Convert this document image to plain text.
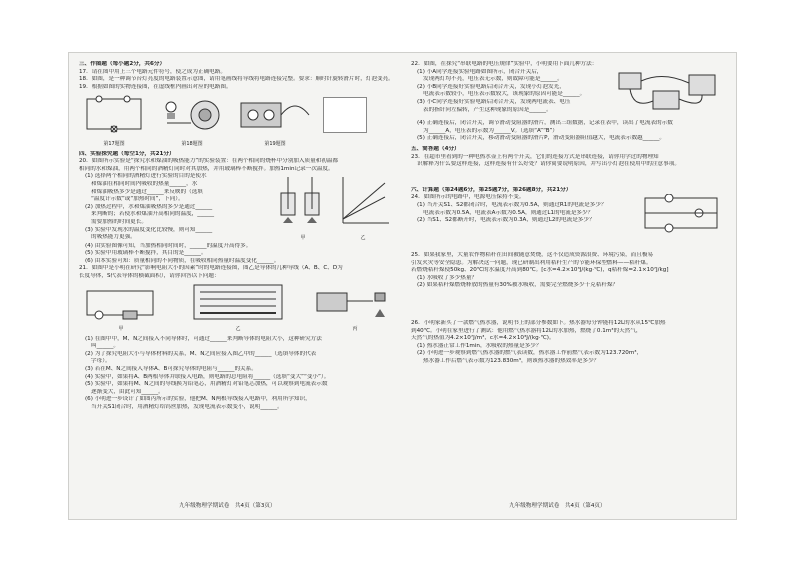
三、作图题（每小题2分，共6分）
17．请在图中用上三个电路元件符号，使之成为正确电路。
18．如图，是一种调节台灯亮度的电路装置示意图，请用笔画线将导线将电路连接完整。要求：顺时针旋转滑片时，灯泡变亮。
19．根据如图的实物连接图，在虚线框内画出对应的电路图。
第17题图	第18题图	第19题图
四、实验探究题（每空1分，共21分）
20．如图所示实验是“探究水和煤油的吸热能力”的实验装置：在两个相同的烧杯中分别加入质量和初温都
相同的水和煤油，用两个相同的酒精灯同时对其加热，并用玻璃棒不断搅拌。加热1min记录一次温度。
(1) 选择两个相同的酒精灯进行实验的目的是使水
和煤油在相同时间内吸收的热量______，水
和煤油吸热多少是通过______来反映的（选填
“温度计示数”或“加热时间”，下同）。
(2) 加热过程中，水和煤油吸热的多少是通过______
来判断的；若使水和煤油升高相同的温度，______
需要加热的时间更长。
(3) 实验中发现水的温度变化比较慢，则可知______
的吸热能力更强。	甲	乙
(4) 由实验图像可知，当加热相同时间时，______的温度升高得多。
(5) 实验中用玻璃棒不断搅拌，其目的是______。
(6) 由本实验可知：质量相同的不同物质，在吸收相同热量时温度变化______。
21．如图甲是小明在研究“影响电阻大小的因素”时的电路连接图，图乙是导体的几种导线（A、B、C、D为
长度导体，S代表导体的横截面积），请你回答以下问题：
甲	乙	丙
(1) 在图甲中，M、N之间接入不同导体时，可通过______来判断导体的电阻大小，这种研究方法
叫______。
(2) 为了探究电阻大小与导体材料的关系，M、N之间应接入图乙中的______（选填导体的代表
字母）。
(3) 若在M、N之间接入导体A、B可探究导体的电阻与______的关系。
(4) 实验中，如果将A、B两根导体并联接入电路，则电路的总电阻将______（选填“变大”“变小”）。
(5) 实验中，如果将M、N之间的导线换为铅笔芯，用酒精灯对铅笔芯加热，可以观察到电流表示数
逐渐变大，由此可知______。
(6) 小明进一步设计了如图丙所示的实验，他把M、N两根导线接入电路中，利用所学知识，
当开关S1闭合时，用酒精灯给钨丝加热，发现电流表示数变小，说明______。
九年级物理学期试卷　共4页（第3页）
22．如图，在探究“串联电路的电压规律”实验中，小明要用下面几种方法：
(1) 小A同学连接实验电路如图所示，闭合开关后，
发现两灯均不亮，电压表无示数，则故障可能是______。
(2) 小B同学连接好实验电路后闭合开关，发现小灯泡发光，
电流表示数较小，电压表示数较大，该现象的原因可能是______。
(3) 小C同学连接好实验电路后闭合开关，发现两电流表、电压
表的指针向左偏转，产生这种现象的原因是______。
(4) 正确连接后，闭合开关，调节滑动变阻器的滑片，测出三组数据，记录在表中，读出了电流表的示数
为______A，电压表的示数为______V。（选填“A”“B”）
(5) 正确连接后，闭合开关，移动滑动变阻器的滑片P，滑动变阻器阻值越大，电流表示数越______。
五、简答题（4分）
23．在超市里看到的一种电热水壶上有两个开关，它们的连接方式是串联连接，请你用学过的物理知
识解释为什么要这样连接，这样连接有什么好处？请你简要说明原因，并写出小灯泡在使用中的注意事项。
六、计算题（第24题6分，第25题7分，第26题8分，共21分）
24．如图所示的电路中，电源电压保持不变。
(1) 当开关S1、S2都闭合时，电流表示数为0.5A，则通过R1的电流是多少？
电流表示数为0.5A，电流表A示数为0.5A，则通过L1的电流是多少？
(2) 当S1、S2都断开时，电流表示数为0.3A，则通过L2的电流是多少？
25．如果我家里，大量农作物秸秆在田间被随意焚烧，这不仅造成资源浪费、环境污染，而且极易
引发火灾等安全隐患。为解决这一问题，现已研制出利用秸秆生产的节能环保型燃料——秸秆煤。
若燃烧秸秆煤使50kg、20℃的水温度升高到80℃。[c水=4.2×10³J/(kg·℃)，q秸秆煤=2.1×10⁷J/kg]
(1) 水吸收了多少热量？
(2) 如果秸秆煤燃烧释放的热量有30%被水吸收，需要完全燃烧多少千克秸秆煤？
26．小明家新买了一款燃气热水器，说明书上的部分参数如下。热水器每分钟能将12L的水从15℃加热
到40℃。小明在家里进行了测试：他用燃气热水器将12L的水加热，燃烧了0.1m³的天然气，
天然气的热值为4.2×10⁷J/m³，c水=4.2×10³J/(kg·℃)。
(1) 热水器正常工作1min，水吸收的热量是多少？
(2) 小明进一步观察到燃气热水器的燃气表读数，热水器工作前燃气表示数为123.720m³，
热水器工作后燃气表示数为123.830m³，则该热水器的热效率是多少？
九年级物理学期试卷　共4页（第4页）
